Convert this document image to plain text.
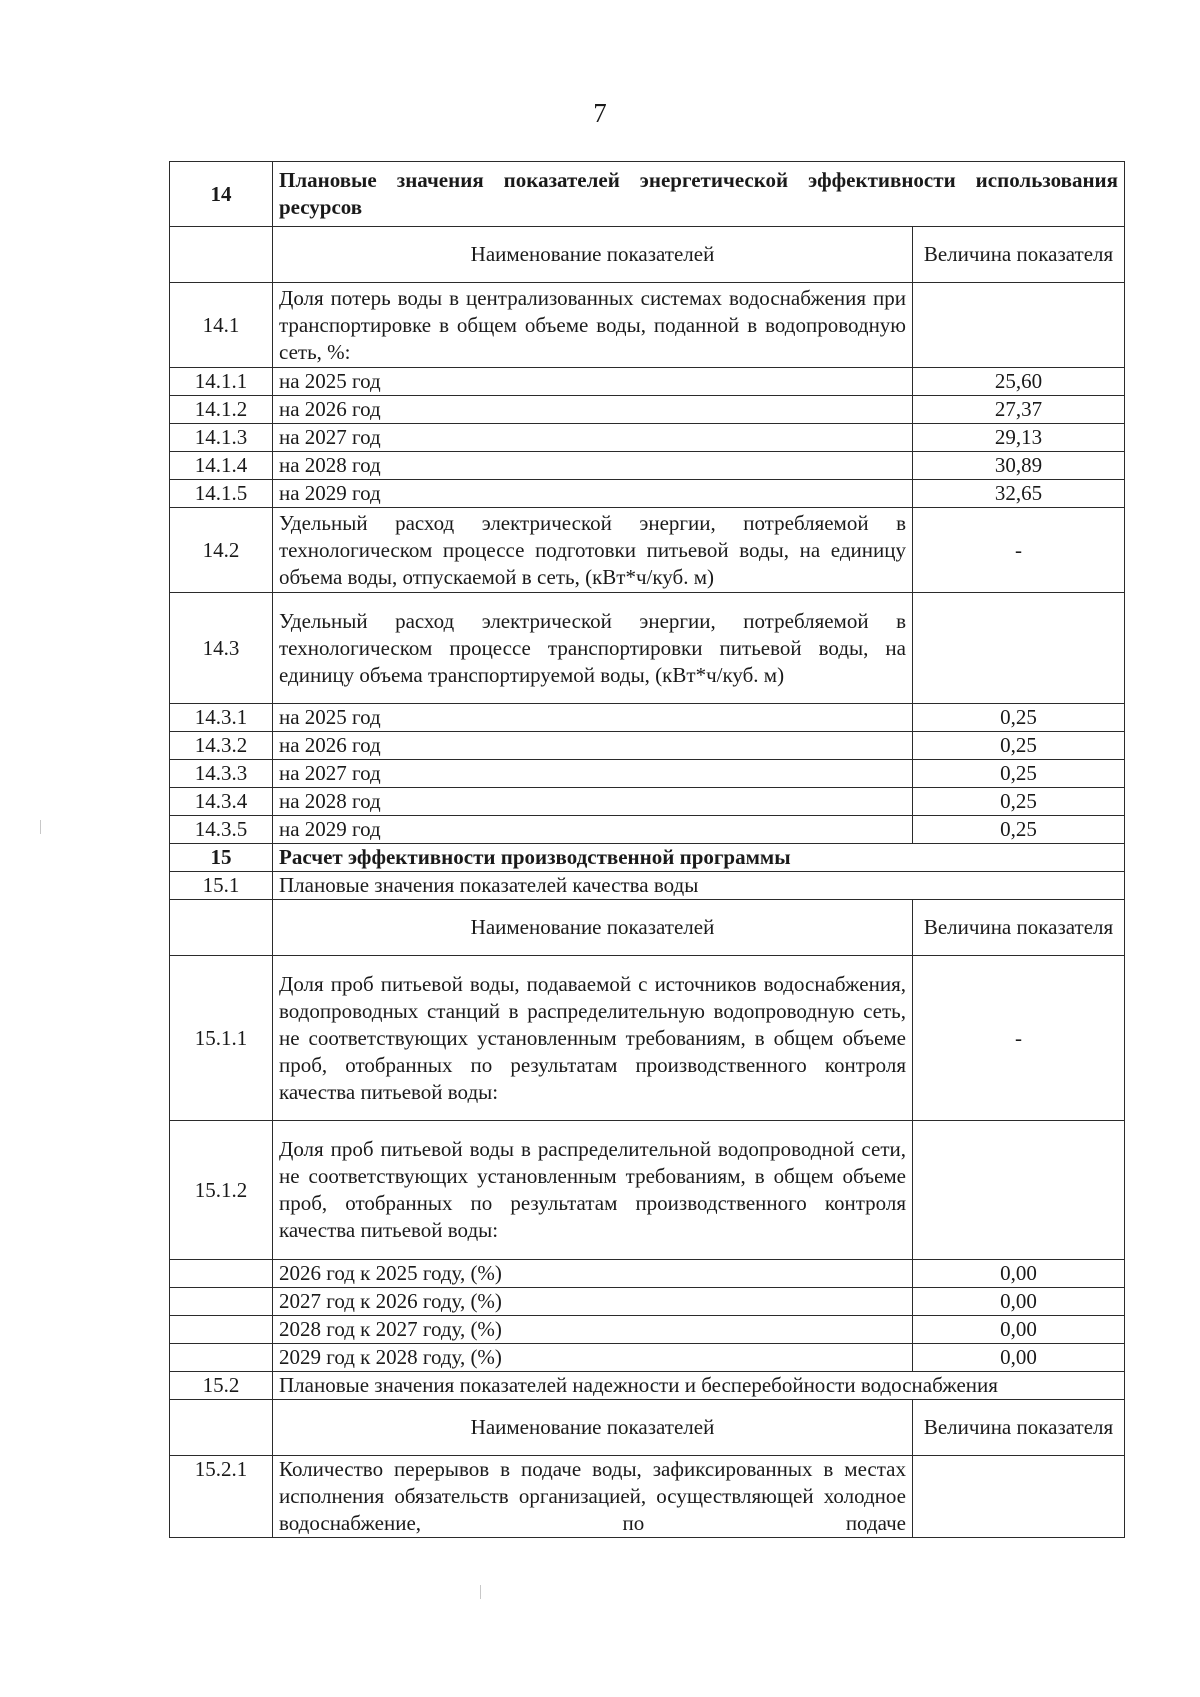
7
14	Плановые значения показателей энергетической эффективности использования ресурсов	
	Наименование показателей	Величина показателя
14.1	Доля потерь воды в централизованных системах водоснабжения при транспортировке в общем объеме воды, поданной в водопроводную сеть, %:	
14.1.1	на 2025 год	25,60
14.1.2	на 2026 год	27,37
14.1.3	на 2027 год	29,13
14.1.4	на 2028 год	30,89
14.1.5	на 2029 год	32,65
14.2	Удельный расход электрической энергии, потребляемой в технологическом процессе подготовки питьевой воды, на единицу объема воды, отпускаемой в сеть, (кВт*ч/куб. м)	-
14.3	Удельный расход электрической энергии, потребляемой в технологическом процессе транспортировки питьевой воды, на единицу объема транспортируемой воды, (кВт*ч/куб. м)	
14.3.1	на 2025 год	0,25
14.3.2	на 2026 год	0,25
14.3.3	на 2027 год	0,25
14.3.4	на 2028 год	0,25
14.3.5	на 2029 год	0,25
15	Расчет эффективности производственной программы	
15.1	Плановые значения показателей качества воды	
	Наименование показателей	Величина показателя
15.1.1	Доля проб питьевой воды, подаваемой с источников водоснабжения, водопроводных станций в распределительную водопроводную сеть, не соответствующих установленным требованиям, в общем объеме проб, отобранных по результатам производственного контроля качества питьевой воды:	-
15.1.2	Доля проб питьевой воды в распределительной водопроводной сети, не соответствующих установленным требованиям, в общем объеме проб, отобранных по результатам производственного контроля качества питьевой воды:	
	2026 год к 2025 году, (%)	0,00
	2027 год к 2026 году, (%)	0,00
	2028 год к 2027 году, (%)	0,00
	2029 год к 2028 году, (%)	0,00
15.2	Плановые значения показателей надежности и бесперебойности водоснабжения	
	Наименование показателей	Величина показателя
15.2.1	Количество перерывов в подаче воды, зафиксированных в местах исполнения обязательств организацией, осуществляющей холодное водоснабжение, по подаче	
